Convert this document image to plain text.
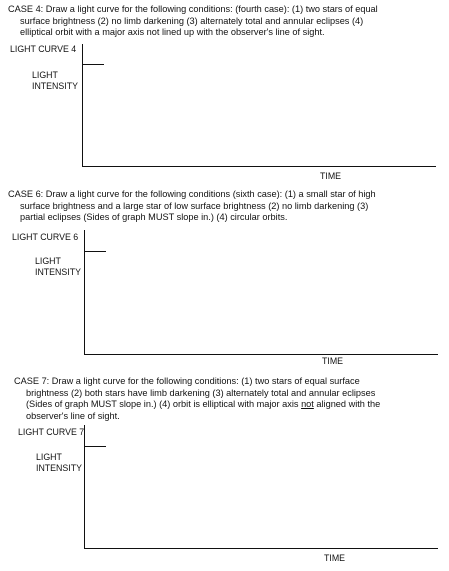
CASE 4: Draw a light curve for the following conditions: (fourth case): (1) two stars of equal
surface brightness (2) no limb darkening (3) alternately total and annular eclipses (4)
elliptical orbit with a major axis not lined up with the observer's line of sight.
LIGHT CURVE 4
LIGHT
INTENSITY
TIME
CASE 6: Draw a light curve for the following conditions (sixth case): (1) a small star of high
surface brightness and a large star of low surface brightness (2) no limb darkening (3)
partial eclipses (Sides of graph MUST slope in.) (4) circular orbits.
LIGHT CURVE 6
LIGHT
INTENSITY
TIME
CASE 7: Draw a light curve for the following conditions: (1) two stars of equal surface
brightness (2) both stars have limb darkening (3) alternately total and annular eclipses
(Sides of graph MUST slope in.) (4) orbit is elliptical with major axis not aligned with the
observer's line of sight.
LIGHT CURVE 7
LIGHT
INTENSITY
TIME
